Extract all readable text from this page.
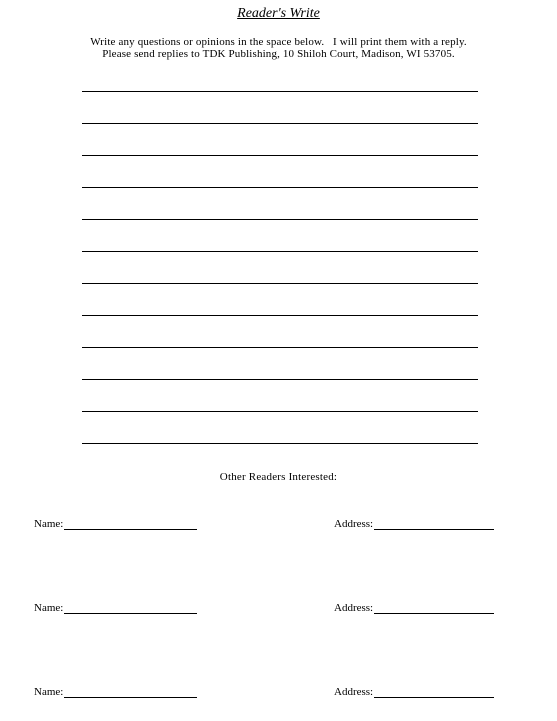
Reader's Write
Write any questions or opinions in the space below.   I will print them with a reply.
Please send replies to TDK Publishing, 10 Shiloh Court, Madison, WI 53705.
Other Readers Interested:
Name:	Address:
Name:	Address:
Name:	Address:
